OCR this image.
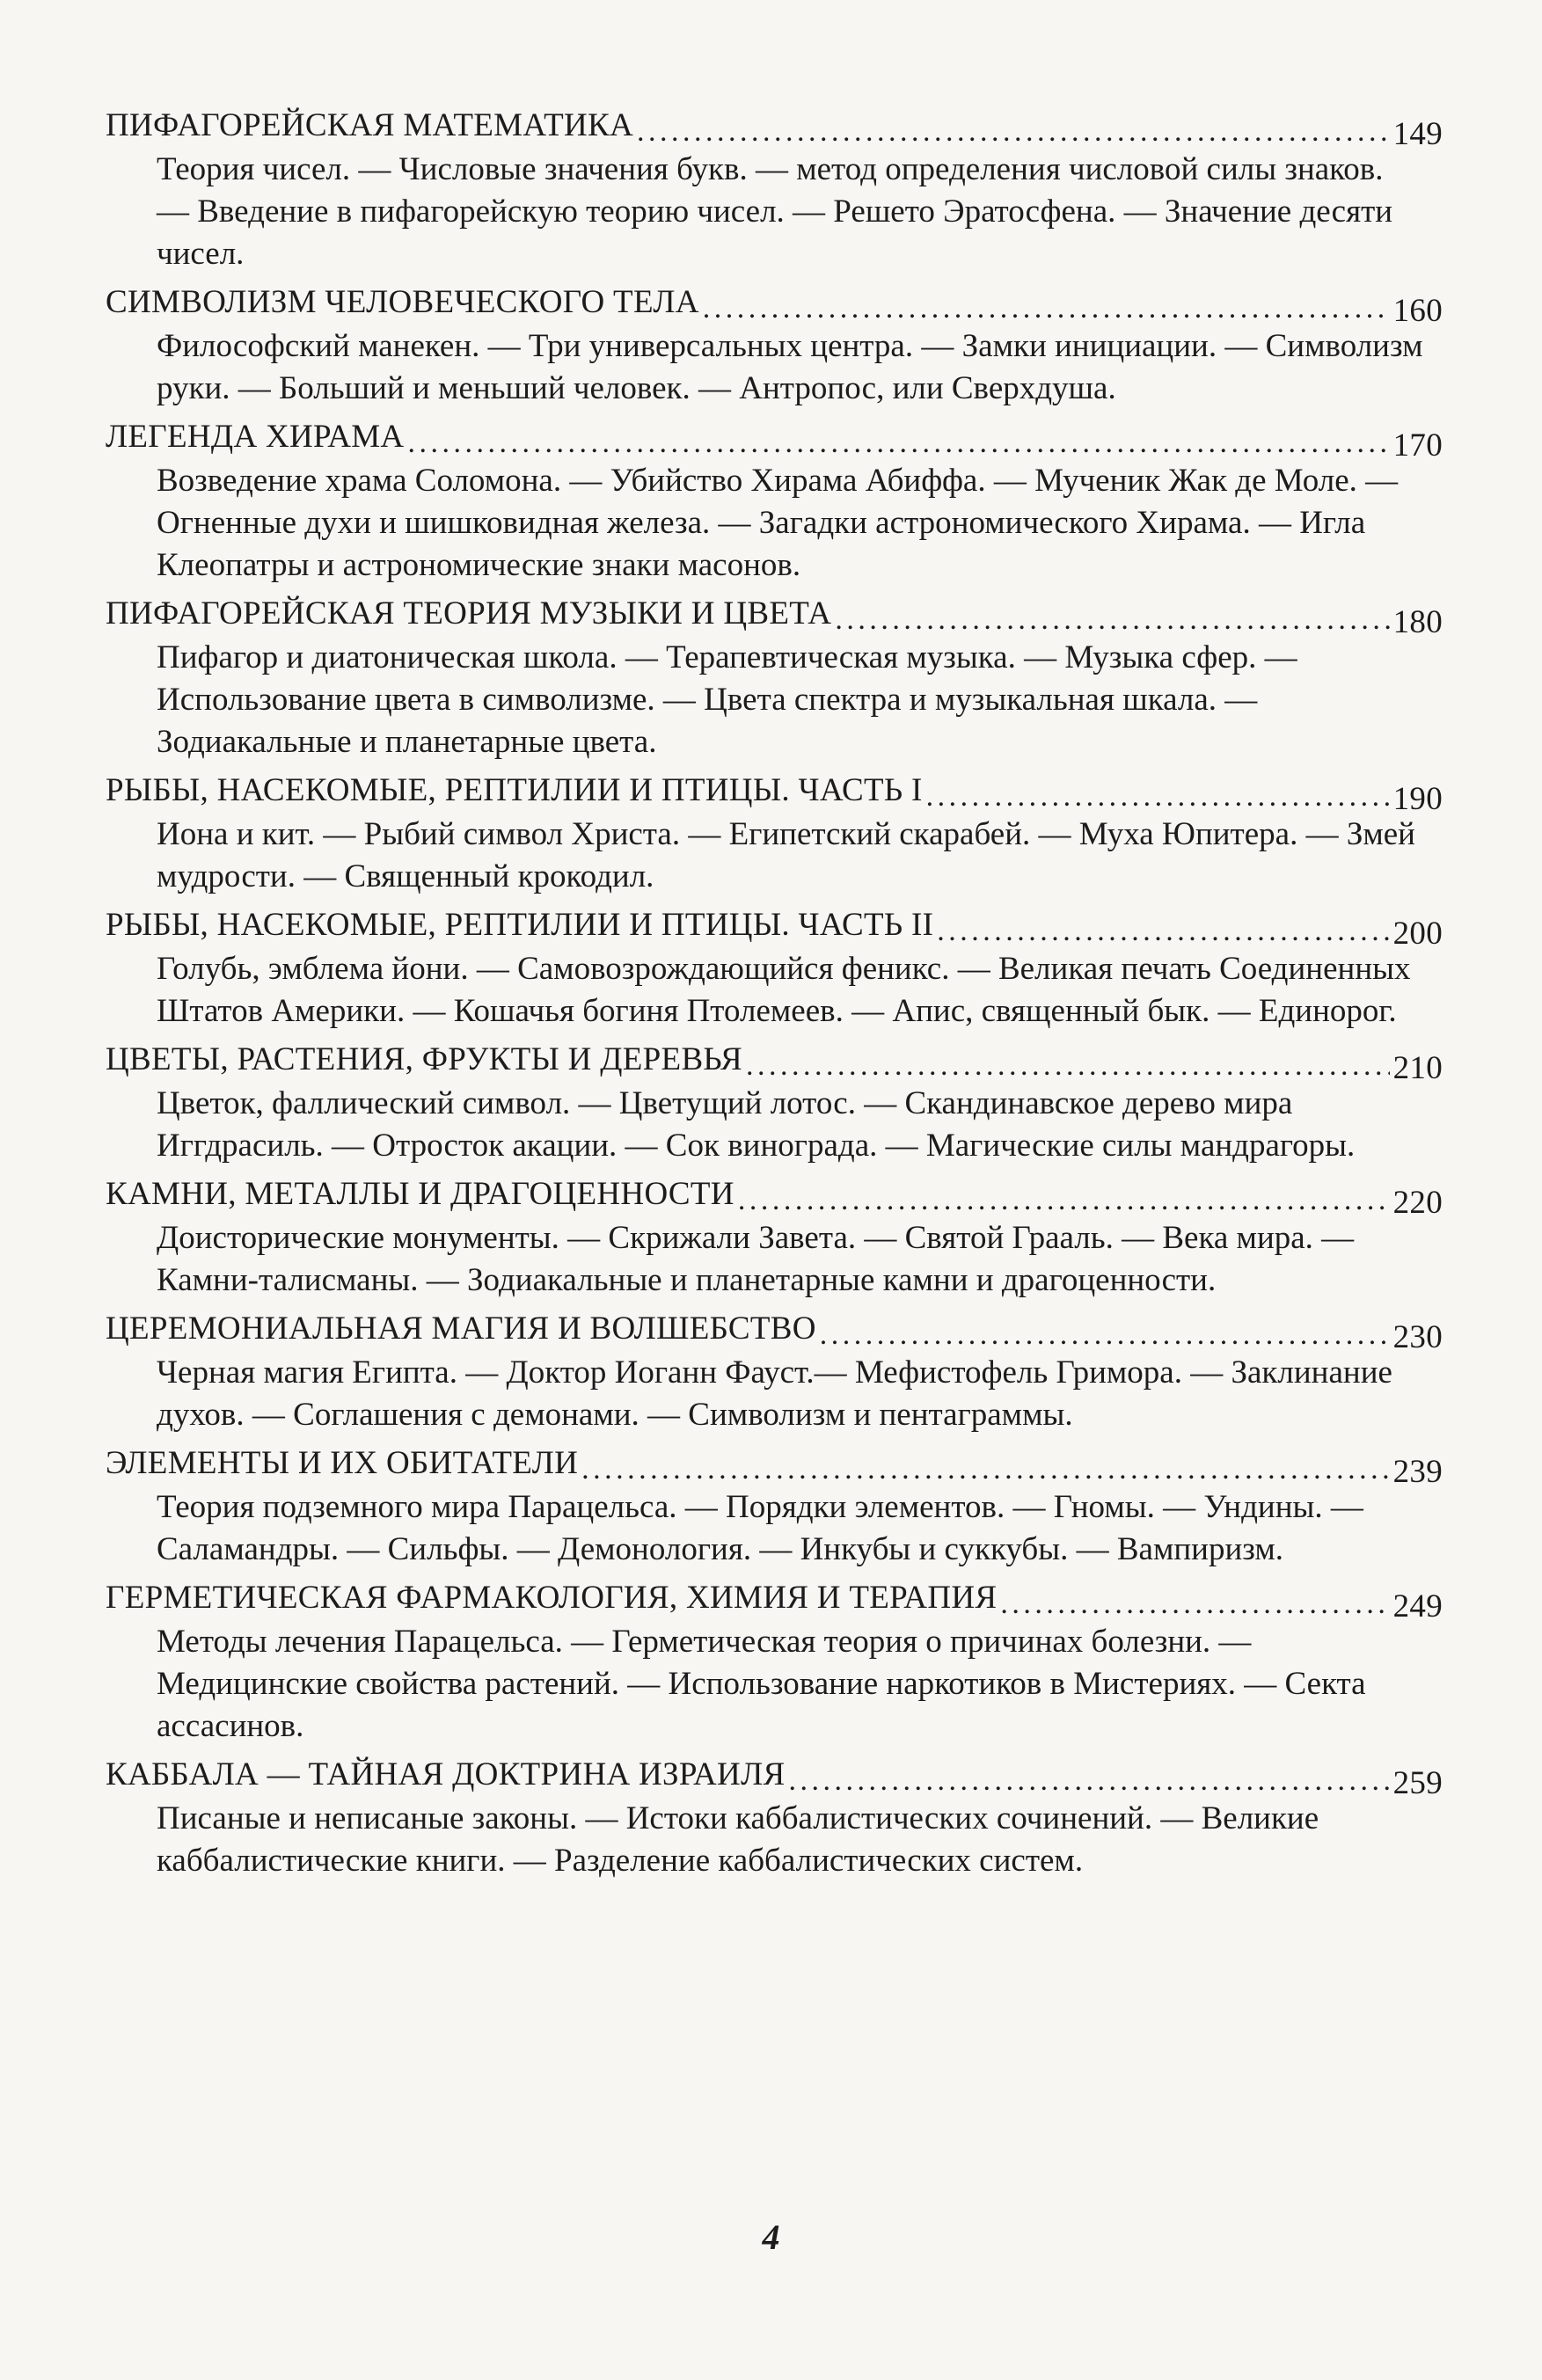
ПИФАГОРЕЙСКАЯ МАТЕМАТИКА . . .	149
Теория чисел. — Числовые значения букв. — метод определения числовой силы знаков. — Введение в пифагорейскую теорию чисел. — Решето Эратосфена. — Значение десяти чисел.
СИМВОЛИЗМ ЧЕЛОВЕЧЕСКОГО ТЕЛА . . .	160
Философский манекен. — Три универсальных центра. — Замки инициации. — Символизм руки. — Больший и меньший человек. — Антропос, или Сверхдуша.
ЛЕГЕНДА ХИРАМА . . .	170
Возведение храма Соломона. — Убийство Хирама Абиффа. — Мученик Жак де Моле. — Огненные духи и шишковидная железа. — Загадки астрономического Хирама. — Игла Клеопатры и астрономические знаки масонов.
ПИФАГОРЕЙСКАЯ ТЕОРИЯ МУЗЫКИ И ЦВЕТА . . .	180
Пифагор и диатоническая школа. — Терапевтическая музыка. — Музыка сфер. — Использование цвета в символизме. — Цвета спектра и музыкальная шкала. — Зодиакальные и планетарные цвета.
РЫБЫ, НАСЕКОМЫЕ, РЕПТИЛИИ И ПТИЦЫ. ЧАСТЬ I . . .	190
Иона и кит. — Рыбий символ Христа. — Египетский скарабей. — Муха Юпитера. — Змей мудрости. — Священный крокодил.
РЫБЫ, НАСЕКОМЫЕ, РЕПТИЛИИ И ПТИЦЫ. ЧАСТЬ II . . .	200
Голубь, эмблема йони. — Самовозрождающийся феникс. — Великая печать Соединенных Штатов Америки. — Кошачья богиня Птолемеев. — Апис, священный бык. — Единорог.
ЦВЕТЫ, РАСТЕНИЯ, ФРУКТЫ И ДЕРЕВЬЯ . . .	210
Цветок, фаллический символ. — Цветущий лотос. — Скандинавское дерево мира Иггдрасиль. — Отросток акации. — Сок винограда. — Магические силы мандрагоры.
КАМНИ, МЕТАЛЛЫ И ДРАГОЦЕННОСТИ . . .	220
Доисторические монументы. — Скрижали Завета. — Святой Грааль. — Века мира. — Камни-талисманы. — Зодиакальные и планетарные камни и драгоценности.
ЦЕРЕМОНИАЛЬНАЯ МАГИЯ И ВОЛШЕБСТВО . . .	230
Черная магия Египта. — Доктор Иоганн Фауст.— Мефистофель Гриморa. — Заклинание духов. — Соглашения с демонами. — Символизм и пентаграммы.
ЭЛЕМЕНТЫ И ИХ ОБИТАТЕЛИ . . .	239
Теория подземного мира Парацельса. — Порядки элементов. — Гномы. — Ундины. — Саламандры. — Сильфы. — Демонология. — Инкубы и суккубы. — Вампиризм.
ГЕРМЕТИЧЕСКАЯ ФАРМАКОЛОГИЯ, ХИМИЯ И ТЕРАПИЯ . . .	249
Методы лечения Парацельса. — Герметическая теория о причинах болезни. — Медицинские свойства растений. — Использование наркотиков в Мистериях. — Секта ассасинов.
КАББАЛА — ТАЙНАЯ ДОКТРИНА ИЗРАИЛЯ . . .	259
Писаные и неписаные законы. — Истоки каббалистических сочинений. — Великие каббалистические книги. — Разделение каббалистических систем.
4
